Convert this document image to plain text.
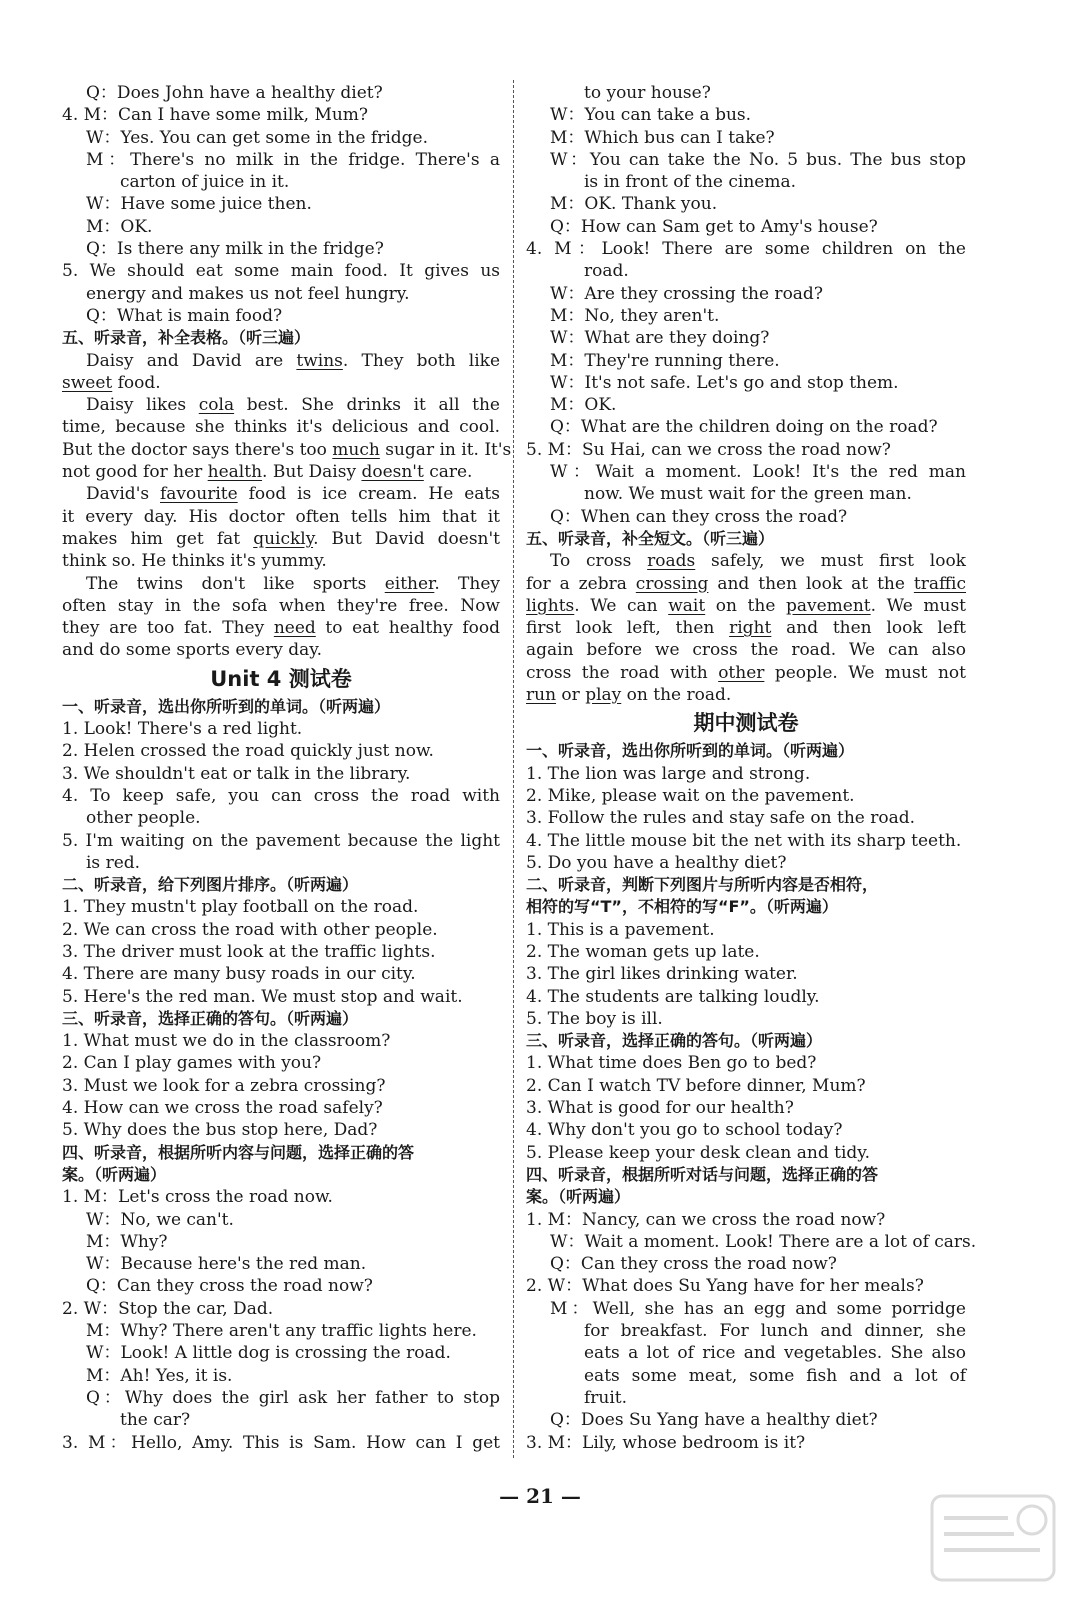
Q：Does John have a healthy diet?
4. M：Can I have some milk, Mum?
W：Yes. You can get some in the fridge.
M：There's no milk in the fridge. There's a
carton of juice in it.
W：Have some juice then.
M：OK.
Q：Is there any milk in the fridge?
5. We should eat some main food. It gives us
energy and makes us not feel hungry.
Q：What is main food?
五、听录音，补全表格。（听三遍）
Daisy and David are twins. They both like
sweet food.
Daisy likes cola best. She drinks it all the
time, because she thinks it's delicious and cool.
But the doctor says there's too much sugar in it. It's
not good for her health. But Daisy doesn't care.
David's favourite food is ice cream. He eats
it every day. His doctor often tells him that it
makes him get fat quickly. But David doesn't
think so. He thinks it's yummy.
The twins don't like sports either. They
often stay in the sofa when they're free. Now
they are too fat. They need to eat healthy food
and do some sports every day.
Unit 4 测试卷
一、听录音，选出你所听到的单词。（听两遍）
1. Look! There's a red light.
2. Helen crossed the road quickly just now.
3. We shouldn't eat or talk in the library.
4. To keep safe, you can cross the road with
other people.
5. I'm waiting on the pavement because the light
is red.
二、听录音，给下列图片排序。（听两遍）
1. They mustn't play football on the road.
2. We can cross the road with other people.
3. The driver must look at the traffic lights.
4. There are many busy roads in our city.
5. Here's the red man. We must stop and wait.
三、听录音，选择正确的答句。（听两遍）
1. What must we do in the classroom?
2. Can I play games with you?
3. Must we look for a zebra crossing?
4. How can we cross the road safely?
5. Why does the bus stop here, Dad?
四、听录音，根据所听内容与问题，选择正确的答
案。（听两遍）
1. M：Let's cross the road now.
W：No, we can't.
M：Why?
W：Because here's the red man.
Q：Can they cross the road now?
2. W：Stop the car, Dad.
M：Why? There aren't any traffic lights here.
W：Look! A little dog is crossing the road.
M：Ah! Yes, it is.
Q：Why does the girl ask her father to stop
the car?
3. M：Hello, Amy. This is Sam. How can I get
to your house?
W：You can take a bus.
M：Which bus can I take?
W：You can take the No. 5 bus. The bus stop
is in front of the cinema.
M：OK. Thank you.
Q：How can Sam get to Amy's house?
4. M：Look! There are some children on the
road.
W：Are they crossing the road?
M：No, they aren't.
W：What are they doing?
M：They're running there.
W：It's not safe. Let's go and stop them.
M：OK.
Q：What are the children doing on the road?
5. M：Su Hai, can we cross the road now?
W：Wait a moment. Look! It's the red man
now. We must wait for the green man.
Q：When can they cross the road?
五、听录音，补全短文。（听三遍）
To cross roads safely, we must first look
for a zebra crossing and then look at the traffic
lights. We can wait on the pavement. We must
first look left, then right and then look left
again before we cross the road. We can also
cross the road with other people. We must not
run or play on the road.
期中测试卷
一、听录音，选出你所听到的单词。（听两遍）
1. The lion was large and strong.
2. Mike, please wait on the pavement.
3. Follow the rules and stay safe on the road.
4. The little mouse bit the net with its sharp teeth.
5. Do you have a healthy diet?
二、听录音，判断下列图片与所听内容是否相符，
相符的写“T”，不相符的写“F”。（听两遍）
1. This is a pavement.
2. The woman gets up late.
3. The girl likes drinking water.
4. The students are talking loudly.
5. The boy is ill.
三、听录音，选择正确的答句。（听两遍）
1. What time does Ben go to bed?
2. Can I watch TV before dinner, Mum?
3. What is good for our health?
4. Why don't you go to school today?
5. Please keep your desk clean and tidy.
四、听录音，根据所听对话与问题，选择正确的答
案。（听两遍）
1. M：Nancy, can we cross the road now?
W：Wait a moment. Look! There are a lot of cars.
Q：Can they cross the road now?
2. W：What does Su Yang have for her meals?
M：Well, she has an egg and some porridge
for breakfast. For lunch and dinner, she
eats a lot of rice and vegetables. She also
eats some meat, some fish and a lot of
fruit.
Q：Does Su Yang have a healthy diet?
3. M：Lily, whose bedroom is it?
— 21 —
